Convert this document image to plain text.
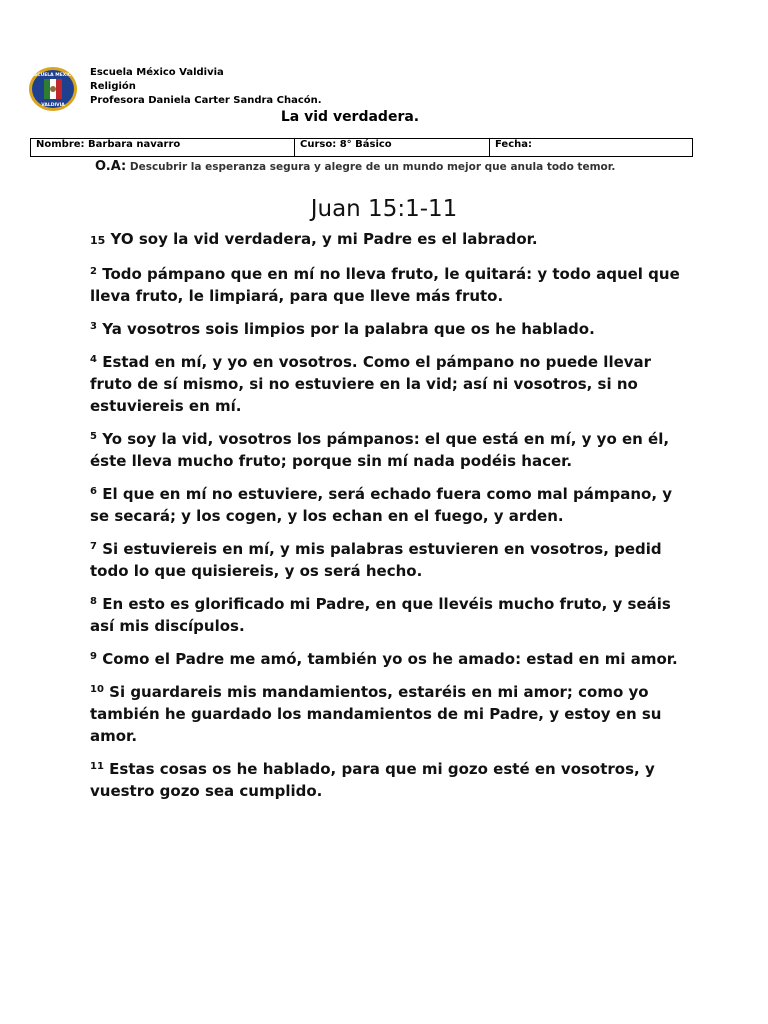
ESCUELA MEXICO
VALDIVIA
Escuela México Valdivia
Religión
Profesora Daniela Carter Sandra Chacón.
La vid verdadera.
Nombre: Barbara navarro	Curso: 8° Básico	Fecha:
O.A: Descubrir la esperanza segura y alegre de un mundo mejor que anula todo temor.
Juan 15:1-11

15 YO soy la vid verdadera, y mi Padre es el labrador.

$^2$ Todo pámpano que en mí no lleva fruto, le quitará: y todo aquel que lleva fruto, le limpiará, para que lleve más fruto.

$^3$ Ya vosotros sois limpios por la palabra que os he hablado.

$^4$ Estad en mí, y yo en vosotros. Como el pámpano no puede llevar fruto de sí mismo, si no estuviere en la vid; así ni vosotros, si no estuviereis en mí.

$^5$ Yo soy la vid, vosotros los pámpanos: el que está en mí, y yo en él, éste lleva mucho fruto; porque sin mí nada podéis hacer.

$^6$ El que en mí no estuviere, será echado fuera como mal pámpano, y se secará; y los cogen, y los echan en el fuego, y arden.

$^7$ Si estuviereis en mí, y mis palabras estuvieren en vosotros, pedid todo lo que quisiereis, y os será hecho.

$^8$ En esto es glorificado mi Padre, en que llevéis mucho fruto, y seáis así mis discípulos.

$^9$ Como el Padre me amó, también yo os he amado: estad en mi amor.

$^{10}$ Si guardareis mis mandamientos, estaréis en mi amor; como yo también he guardado los mandamientos de mi Padre, y estoy en su amor.

$^{11}$ Estas cosas os he hablado, para que mi gozo esté en vosotros, y vuestro gozo sea cumplido.
